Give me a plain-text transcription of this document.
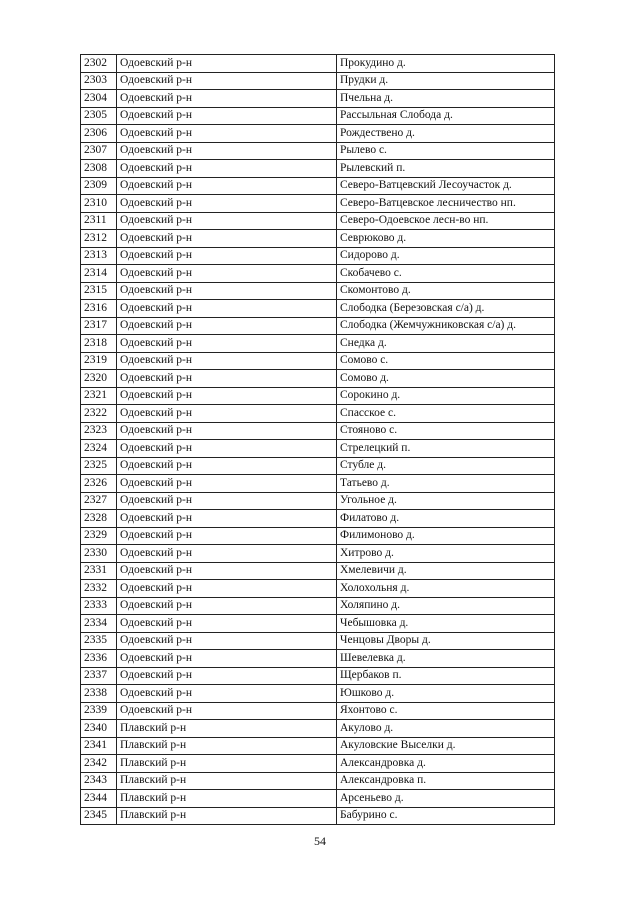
2302	Одоевский р-н	Прокудино д.
2303	Одоевский р-н	Прудки д.
2304	Одоевский р-н	Пчельна д.
2305	Одоевский р-н	Рассыльная Слобода д.
2306	Одоевский р-н	Рождествено д.
2307	Одоевский р-н	Рылево с.
2308	Одоевский р-н	Рылевский п.
2309	Одоевский р-н	Северо-Ватцевский Лесоучасток д.
2310	Одоевский р-н	Северо-Ватцевское лесничество нп.
2311	Одоевский р-н	Северо-Одоевское лесн-во нп.
2312	Одоевский р-н	Севрюково д.
2313	Одоевский р-н	Сидорово д.
2314	Одоевский р-н	Скобачево с.
2315	Одоевский р-н	Скомонтово д.
2316	Одоевский р-н	Слободка (Березовская с/а) д.
2317	Одоевский р-н	Слободка (Жемчужниковская с/а) д.
2318	Одоевский р-н	Снедка д.
2319	Одоевский р-н	Сомово с.
2320	Одоевский р-н	Сомово д.
2321	Одоевский р-н	Сорокино д.
2322	Одоевский р-н	Спасское с.
2323	Одоевский р-н	Стояново с.
2324	Одоевский р-н	Стрелецкий п.
2325	Одоевский р-н	Стубле д.
2326	Одоевский р-н	Татьево д.
2327	Одоевский р-н	Угольное д.
2328	Одоевский р-н	Филатово д.
2329	Одоевский р-н	Филимоново д.
2330	Одоевский р-н	Хитрово д.
2331	Одоевский р-н	Хмелевичи д.
2332	Одоевский р-н	Холохольня д.
2333	Одоевский р-н	Холяпино д.
2334	Одоевский р-н	Чебышовка д.
2335	Одоевский р-н	Ченцовы Дворы д.
2336	Одоевский р-н	Шевелевка д.
2337	Одоевский р-н	Щербаков п.
2338	Одоевский р-н	Юшково д.
2339	Одоевский р-н	Яхонтово с.
2340	Плавский р-н	Акулово д.
2341	Плавский р-н	Акуловские Выселки д.
2342	Плавский р-н	Александровка д.
2343	Плавский р-н	Александровка п.
2344	Плавский р-н	Арсеньево д.
2345	Плавский р-н	Бабурино с.
54
